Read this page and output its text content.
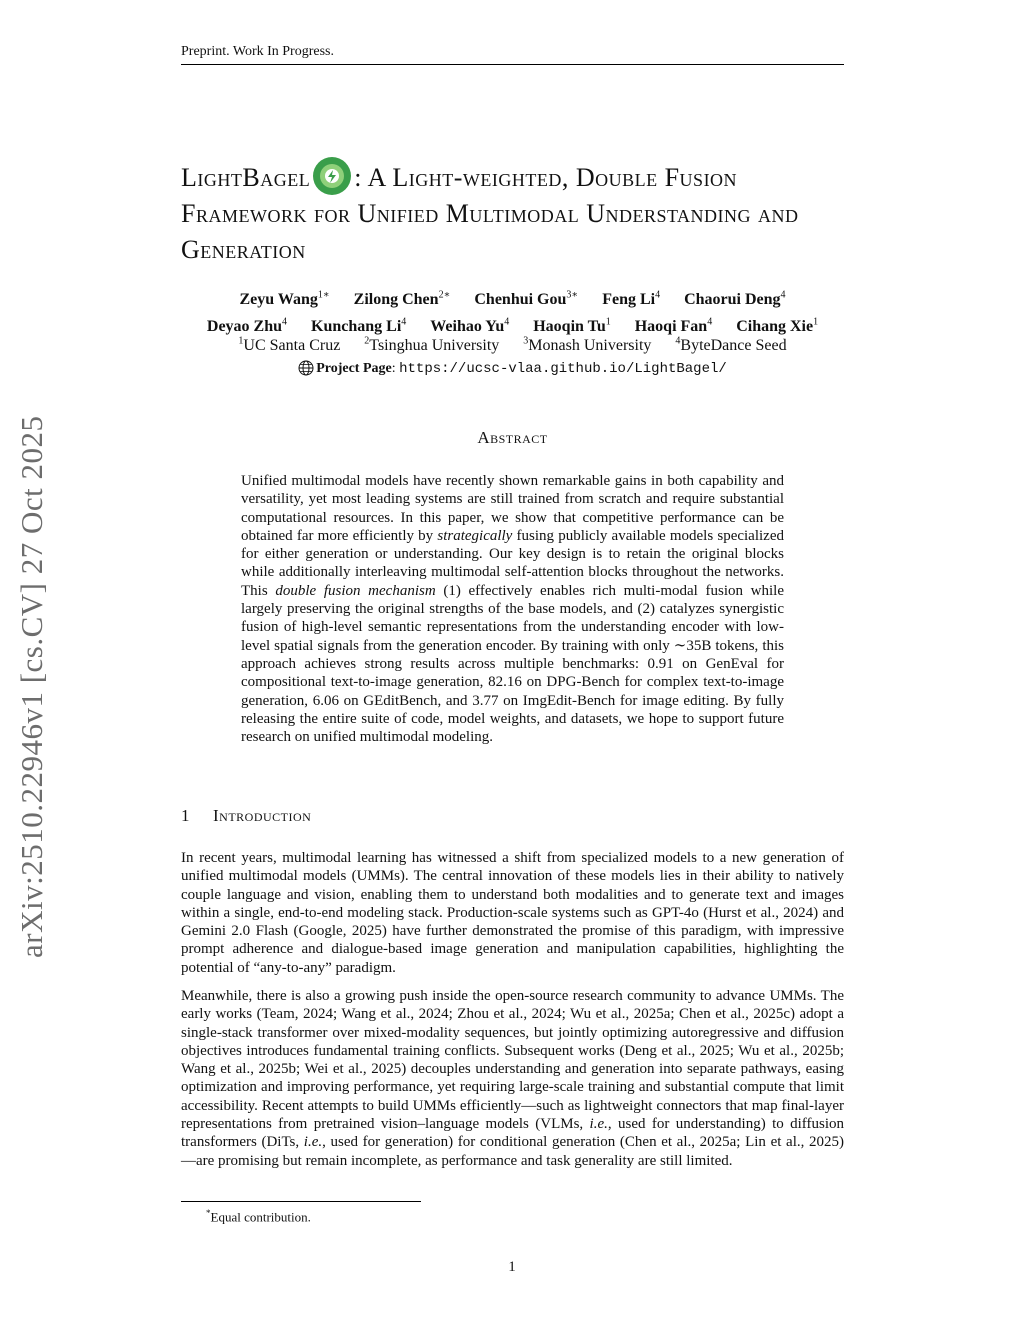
Preprint. Work In Progress.
arXiv:2510.22946v1 [cs.CV] 27 Oct 2025
LightBagel : A Light-weighted, Double Fusion Framework for Unified Multimodal Understanding and Generation
Zeyu Wang$^{1∗}$ Zilong Chen$^{2∗}$ Chenhui Gou$^{3∗}$ Feng Li$^4$ Chaorui Deng$^4$
Deyao Zhu$^4$ Kunchang Li$^4$ Weihao Yu$^4$ Haoqin Tu$^1$ Haoqi Fan$^4$ Cihang Xie$^1$
$^1$UC Santa Cruz $^2$Tsinghua University $^3$Monash University $^4$ByteDance Seed
Project Page: https://ucsc-vlaa.github.io/LightBagel/
Abstract
Unified multimodal models have recently shown remarkable gains in both capability and versatility, yet most leading systems are still trained from scratch and require substantial computational resources. In this paper, we show that competitive performance can be obtained far more efficiently by strategically fusing publicly available models specialized for either generation or understanding. Our key design is to retain the original blocks while additionally interleaving multimodal self-attention blocks throughout the networks. This double fusion mechanism (1) effectively enables rich multi-modal fusion while largely preserving the original strengths of the base models, and (2) catalyzes synergistic fusion of high-level semantic representations from the understanding encoder with low-level spatial signals from the generation encoder. By training with only ∼35B tokens, this approach achieves strong results across multiple benchmarks: 0.91 on GenEval for compositional text-to-image generation, 82.16 on DPG-Bench for complex text-to-image generation, 6.06 on GEditBench, and 3.77 on ImgEdit-Bench for image editing. By fully releasing the entire suite of code, model weights, and datasets, we hope to support future research on unified multimodal modeling.
1 Introduction
In recent years, multimodal learning has witnessed a shift from specialized models to a new generation of unified multimodal models (UMMs). The central innovation of these models lies in their ability to natively couple language and vision, enabling them to understand both modalities and to generate text and images within a single, end-to-end modeling stack. Production-scale systems such as GPT-4o (Hurst et al., 2024) and Gemini 2.0 Flash (Google, 2025) have further demonstrated the promise of this paradigm, with impressive prompt adherence and dialogue-based image generation and manipulation capabilities, highlighting the potential of “any-to-any” paradigm.
Meanwhile, there is also a growing push inside the open-source research community to advance UMMs. The early works (Team, 2024; Wang et al., 2024; Zhou et al., 2024; Wu et al., 2025a; Chen et al., 2025c) adopt a single-stack transformer over mixed-modality sequences, but jointly optimizing autoregressive and diffusion objectives introduces fundamental training conflicts. Subsequent works (Deng et al., 2025; Wu et al., 2025b; Wang et al., 2025b; Wei et al., 2025) decouples understanding and generation into separate pathways, easing optimization and improving performance, yet requiring large-scale training and substantial compute that limit accessibility. Recent attempts to build UMMs efficiently—such as lightweight connectors that map final-layer representations from pretrained vision–language models (VLMs, i.e., used for understanding) to diffusion transformers (DiTs, i.e., used for generation) for conditional generation (Chen et al., 2025a; Lin et al., 2025)—are promising but remain incomplete, as performance and task generality are still limited.
*Equal contribution.
1
